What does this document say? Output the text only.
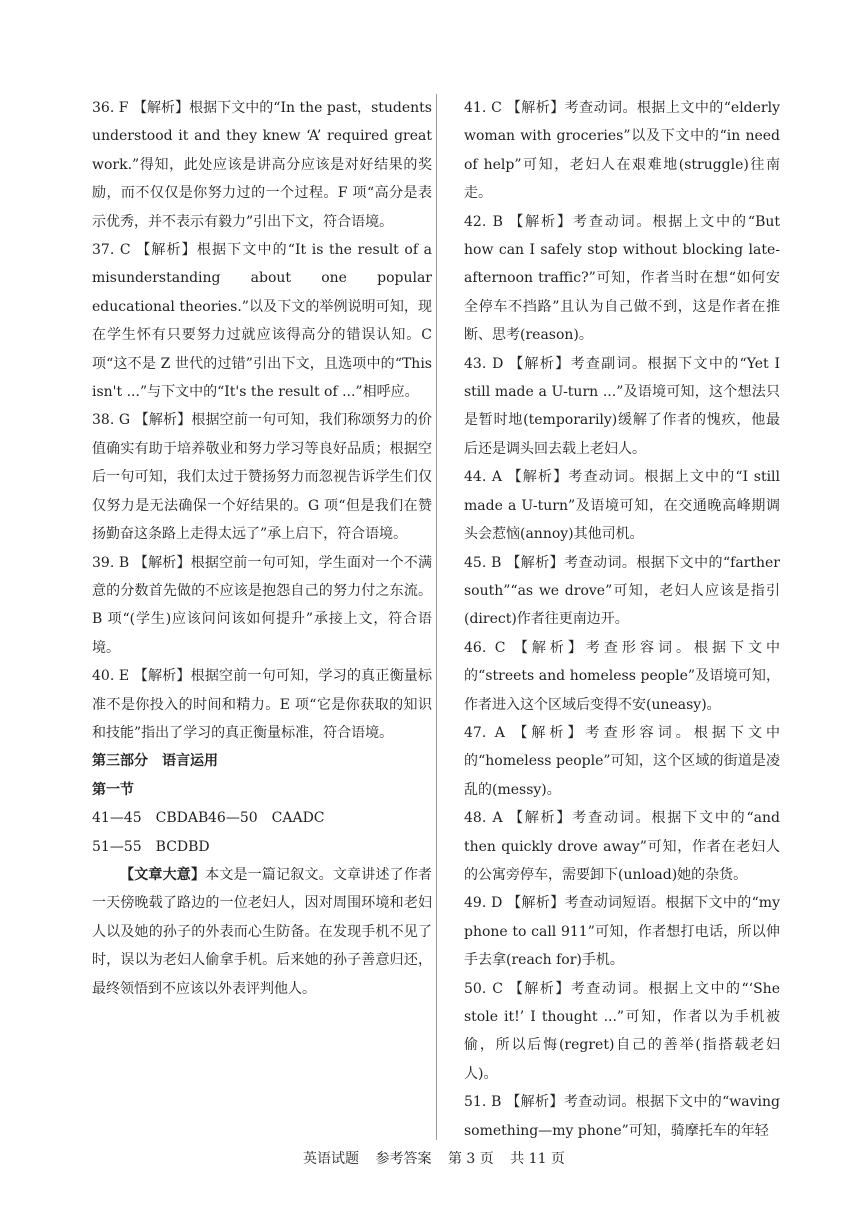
36. F 【解析】根据下文中的“In the past，students understood it and they knew ‘A’ required great work.”得知，此处应该是讲高分应该是对好结果的奖励，而不仅仅是你努力过的一个过程。F 项“高分是表示优秀，并不表示有毅力”引出下文，符合语境。

37. C 【解析】根据下文中的“It is the result of a misunderstanding about one popular educational theories.”以及下文的举例说明可知，现在学生怀有只要努力过就应该得高分的错误认知。C 项“这不是 Z 世代的过错”引出下文，且选项中的“This isn't ...”与下文中的“It's the result of ...”相呼应。

38. G 【解析】根据空前一句可知，我们称颂努力的价值确实有助于培养敬业和努力学习等良好品质；根据空后一句可知，我们太过于赞扬努力而忽视告诉学生们仅仅努力是无法确保一个好结果的。G 项“但是我们在赞扬勤奋这条路上走得太远了”承上启下，符合语境。

39. B 【解析】根据空前一句可知，学生面对一个不满意的分数首先做的不应该是抱怨自己的努力付之东流。B 项“(学生)应该问问该如何提升”承接上文，符合语境。

40. E 【解析】根据空前一句可知，学习的真正衡量标准不是你投入的时间和精力。E 项“它是你获取的知识和技能”指出了学习的真正衡量标准，符合语境。

第三部分　语言运用

第一节

41—45　 CBDAB46—50　 CAADC

51—55　 BCDBD

【文章大意】本文是一篇记叙文。文章讲述了作者一天傍晚载了路边的一位老妇人，因对周围环境和老妇人以及她的孙子的外表而心生防备。在发现手机不见了时，误以为老妇人偷拿手机。后来她的孙子善意归还，最终领悟到不应该以外表评判他人。

41. C 【解析】考查动词。根据上文中的“elderly woman with groceries”以及下文中的“in need of help”可知，老妇人在艰难地(struggle)往南走。

42. B 【解析】考查动词。根据上文中的“But how can I safely stop without blocking late-afternoon traffic?”可知，作者当时在想“如何安全停车不挡路”且认为自己做不到，这是作者在推断、思考(reason)。

43. D 【解析】考查副词。根据下文中的“Yet I still made a U-turn ...”及语境可知，这个想法只是暂时地(temporarily)缓解了作者的愧疚，他最后还是调头回去载上老妇人。

44. A 【解析】考查动词。根据上文中的“I still made a U-turn”及语境可知，在交通晚高峰期调头会惹恼(annoy)其他司机。

45. B 【解析】考查动词。根据下文中的“farther south”“as we drove”可知，老妇人应该是指引(direct)作者往更南边开。

46. C 【解析】考查形容词。根据下文中的“streets and homeless people”及语境可知，作者进入这个区域后变得不安(uneasy)。

47. A 【解析】考查形容词。根据下文中的“homeless people”可知，这个区域的街道是凌乱的(messy)。

48. A 【解析】考查动词。根据下文中的“and then quickly drove away”可知，作者在老妇人的公寓旁停车，需要卸下(unload)她的杂货。

49. D 【解析】考查动词短语。根据下文中的“my phone to call 911”可知，作者想打电话，所以伸手去拿(reach for)手机。

50. C 【解析】考查动词。根据上文中的“‘She stole it!’ I thought ...”可知，作者以为手机被偷，所以后悔(regret)自己的善举(指搭载老妇人)。

51. B 【解析】考查动词。根据下文中的“waving something—my phone”可知，骑摩托车的年轻

英语试题 参考答案 第 3 页 共 11 页
